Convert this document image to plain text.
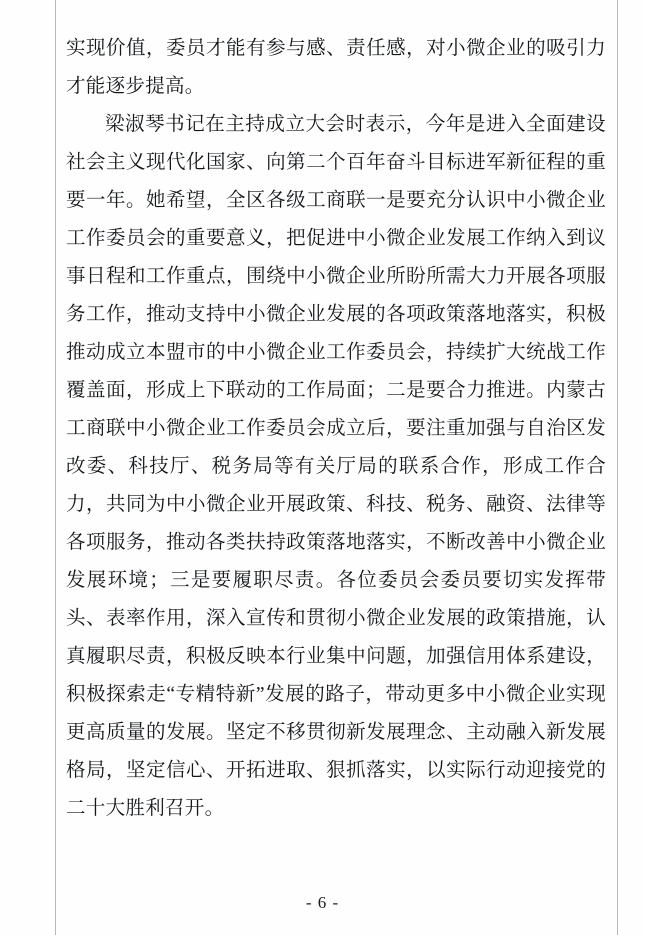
实现价值，委员才能有参与感、责任感，对小微企业的吸引力才能逐步提高。

梁淑琴书记在主持成立大会时表示，今年是进入全面建设社会主义现代化国家、向第二个百年奋斗目标进军新征程的重要一年。她希望，全区各级工商联一是要充分认识中小微企业工作委员会的重要意义，把促进中小微企业发展工作纳入到议事日程和工作重点，围绕中小微企业所盼所需大力开展各项服务工作，推动支持中小微企业发展的各项政策落地落实，积极推动成立本盟市的中小微企业工作委员会，持续扩大统战工作覆盖面，形成上下联动的工作局面；二是要合力推进。内蒙古工商联中小微企业工作委员会成立后，要注重加强与自治区发改委、科技厅、税务局等有关厅局的联系合作，形成工作合力，共同为中小微企业开展政策、科技、税务、融资、法律等各项服务，推动各类扶持政策落地落实，不断改善中小微企业发展环境；三是要履职尽责。各位委员会委员要切实发挥带头、表率作用，深入宣传和贯彻小微企业发展的政策措施，认真履职尽责，积极反映本行业集中问题，加强信用体系建设，积极探索走“专精特新”发展的路子，带动更多中小微企业实现更高质量的发展。坚定不移贯彻新发展理念、主动融入新发展格局，坚定信心、开拓进取、狠抓落实，以实际行动迎接党的二十大胜利召开。

- 6 -
